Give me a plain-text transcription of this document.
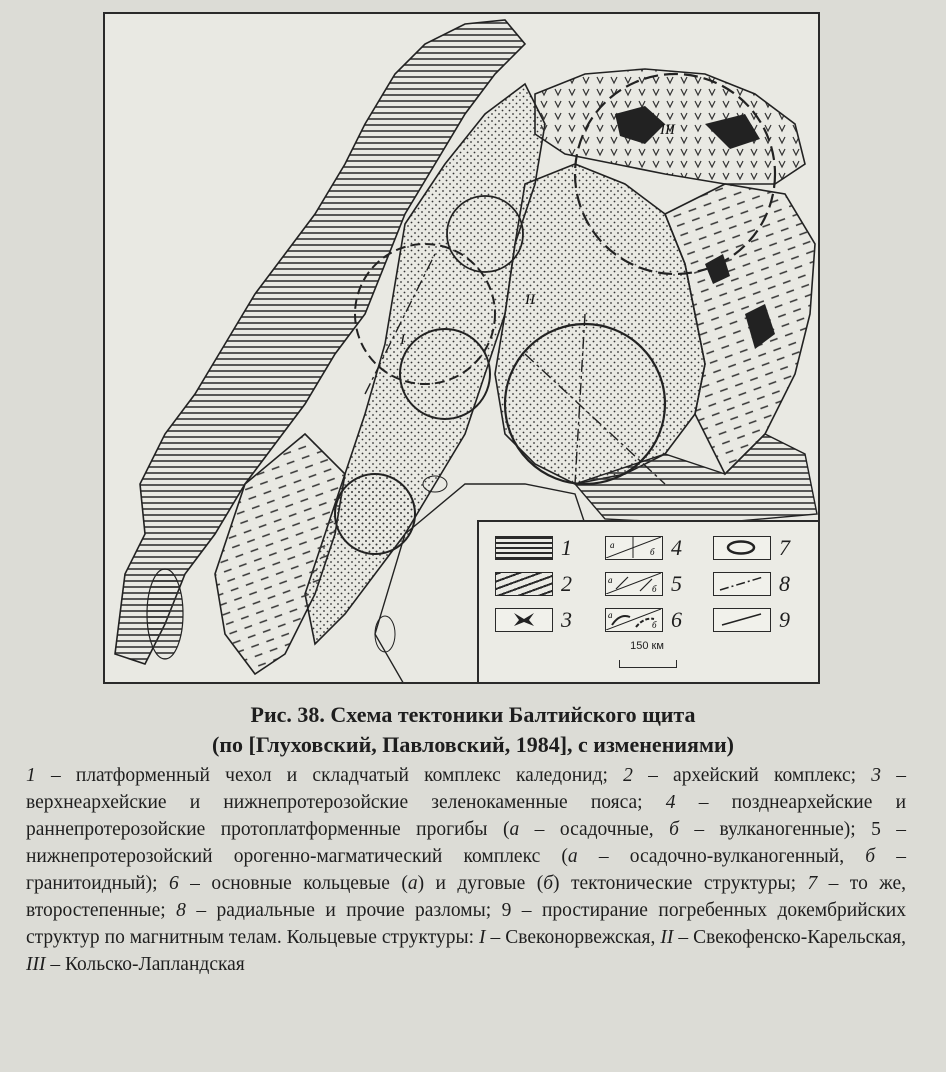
I
II
III
1
2
3
а
б 4
а
б 5
а
б 6
7
8
9
150 км
Рис. 38. Схема тектоники Балтийского щита
(по [Глуховский, Павловский, 1984], с изменениями)
1 – платформенный чехол и складчатый комплекс каледонид; 2 – архейский комплекс; 3 – верхнеархейские и нижнепротерозойские зеленокаменные пояса; 4 – позднеархейские и раннепротерозойские протоплатформенные прогибы (а – осадочные, б – вулканогенные); 5 – нижнепротерозойский орогенно-магматический комплекс (а – осадочно-вулканогенный, б – гранитоидный); 6 – основные кольцевые (а) и дуговые (б) тектонические структуры; 7 – то же, второстепенные; 8 – радиальные и прочие разломы; 9 – простирание погребенных докембрийских структур по магнитным телам. Кольцевые структуры: I – Свеконорвежская, II – Свекофенско-Карельская, III – Кольско-Лапландская
